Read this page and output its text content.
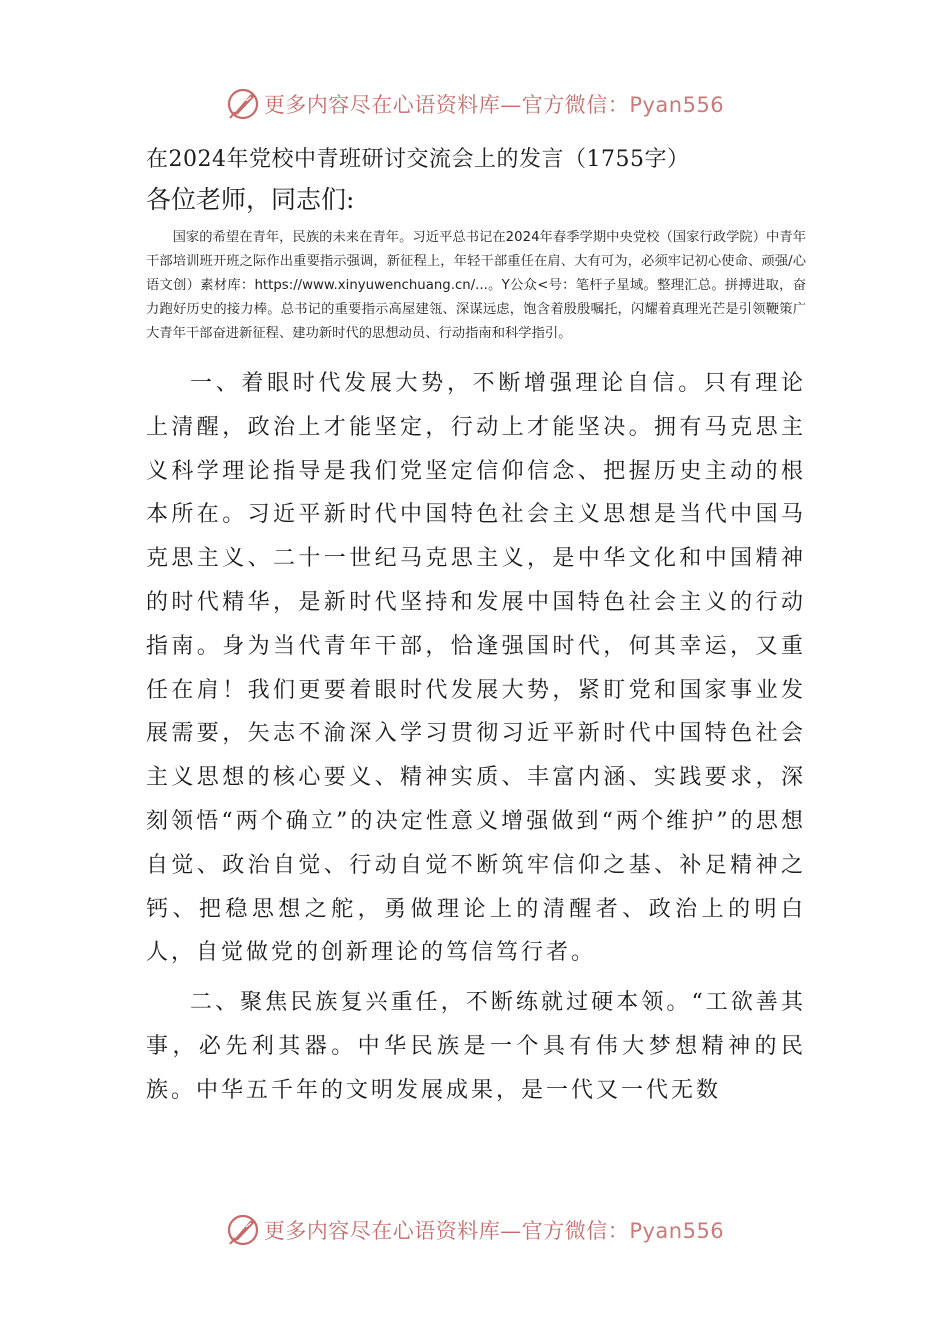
更多内容尽在心语资料库—官方微信：Pyan556
在2024年党校中青班研讨交流会上的发言（1755字）

各位老师，同志们:

国家的希望在青年，民族的未来在青年。习近平总书记在2024年春季学期中央党校（国家行政学院）中青年干部培训班开班之际作出重要指示强调，新征程上，年轻干部重任在肩、大有可为，必须牢记初心使命、顽强/心语文创）素材库：https://www.xinyuwenchuang.cn/...。Y公众<号：笔杆子星域。整理汇总。拼搏进取，奋力跑好历史的接力棒。总书记的重要指示高屋建瓴、深谋远虑，饱含着殷殷嘱托，闪耀着真理光芒是引领鞭策广大青年干部奋进新征程、建功新时代的思想动员、行动指南和科学指引。

一、着眼时代发展大势，不断增强理论自信。只有理论上清醒，政治上才能坚定，行动上才能坚决。拥有马克思主义科学理论指导是我们党坚定信仰信念、把握历史主动的根本所在。习近平新时代中国特色社会主义思想是当代中国马克思主义、二十一世纪马克思主义，是中华文化和中国精神的时代精华，是新时代坚持和发展中国特色社会主义的行动指南。身为当代青年干部，恰逢强国时代，何其幸运，又重任在肩！我们更要着眼时代发展大势，紧盯党和国家事业发展需要，矢志不渝深入学习贯彻习近平新时代中国特色社会主义思想的核心要义、精神实质、丰富内涵、实践要求，深刻领悟“两个确立”的决定性意义增强做到“两个维护”的思想自觉、政治自觉、行动自觉不断筑牢信仰之基、补足精神之钙、把稳思想之舵，勇做理论上的清醒者、政治上的明白人，自觉做党的创新理论的笃信笃行者。

二、聚焦民族复兴重任，不断练就过硬本领。“工欲善其事，必先利其器。中华民族是一个具有伟大梦想精神的民族。中华五千年的文明发展成果，是一代又一代无数

更多内容尽在心语资料库—官方微信：Pyan556
